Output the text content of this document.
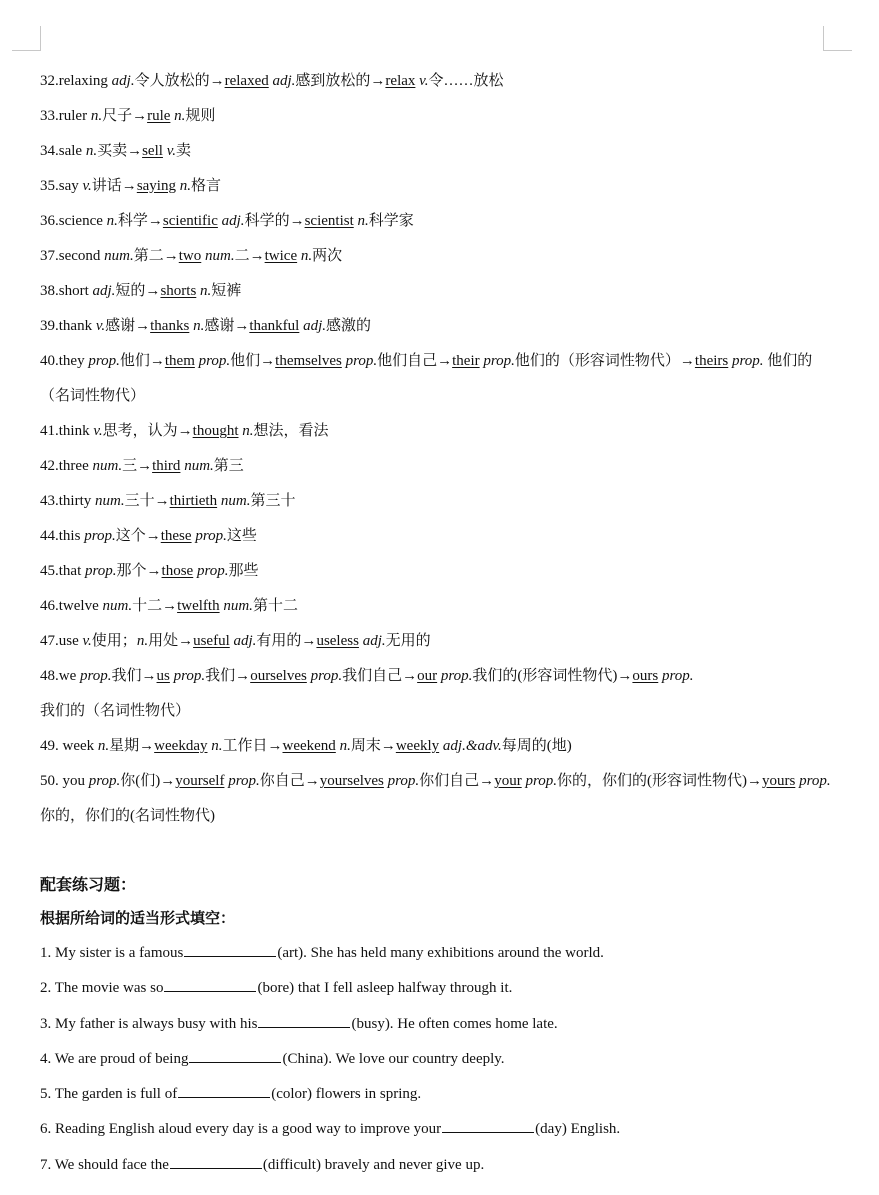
32.relaxing adj.令人放松的→relaxed adj.感到放松的→relax v.令……放松
33.ruler n.尺子→rule n.规则
34.sale n.买卖→sell v.卖
35.say v.讲话→saying n.格言
36.science n.科学→scientific adj.科学的→scientist n.科学家
37.second num.第二→two num.二→twice n.两次
38.short adj.短的→shorts n.短裤
39.thank v.感谢→thanks n.感谢→thankful adj.感激的
40.they prop.他们→them prop.他们→themselves prop.他们自己→their prop.他们的（形容词性物代）→theirs prop. 他们的（名词性物代）
41.think v.思考，认为→thought n.想法，看法
42.three num.三→third num.第三
43.thirty num.三十→thirtieth num.第三十
44.this prop.这个→these prop.这些
45.that prop.那个→those prop.那些
46.twelve num.十二→twelfth num.第十二
47.use v.使用；n.用处→useful adj.有用的→useless adj.无用的
48.we prop.我们→us prop.我们→ourselves prop.我们自己→our prop.我们的(形容词性物代)→ours prop. 我们的（名词性物代）
49. week n.星期→weekday n.工作日→weekend n.周末→weekly adj.&adv.每周的(地)
50. you prop.你(们)→yourself prop.你自己→yourselves prop.你们自己→your prop.你的，你们的(形容词性物代)→yours prop.你的，你们的(名词性物代)
配套练习题：
根据所给词的适当形式填空：
1. My sister is a famous	(art). She has held many exhibitions around the world.
2. The movie was so	(bore) that I fell asleep halfway through it.
3. My father is always busy with his	(busy). He often comes home late.
4. We are proud of being	(China). We love our country deeply.
5. The garden is full of	(color) flowers in spring.
6. Reading English aloud every day is a good way to improve your	(day) English.
7. We should face the	(difficult) bravely and never give up.
